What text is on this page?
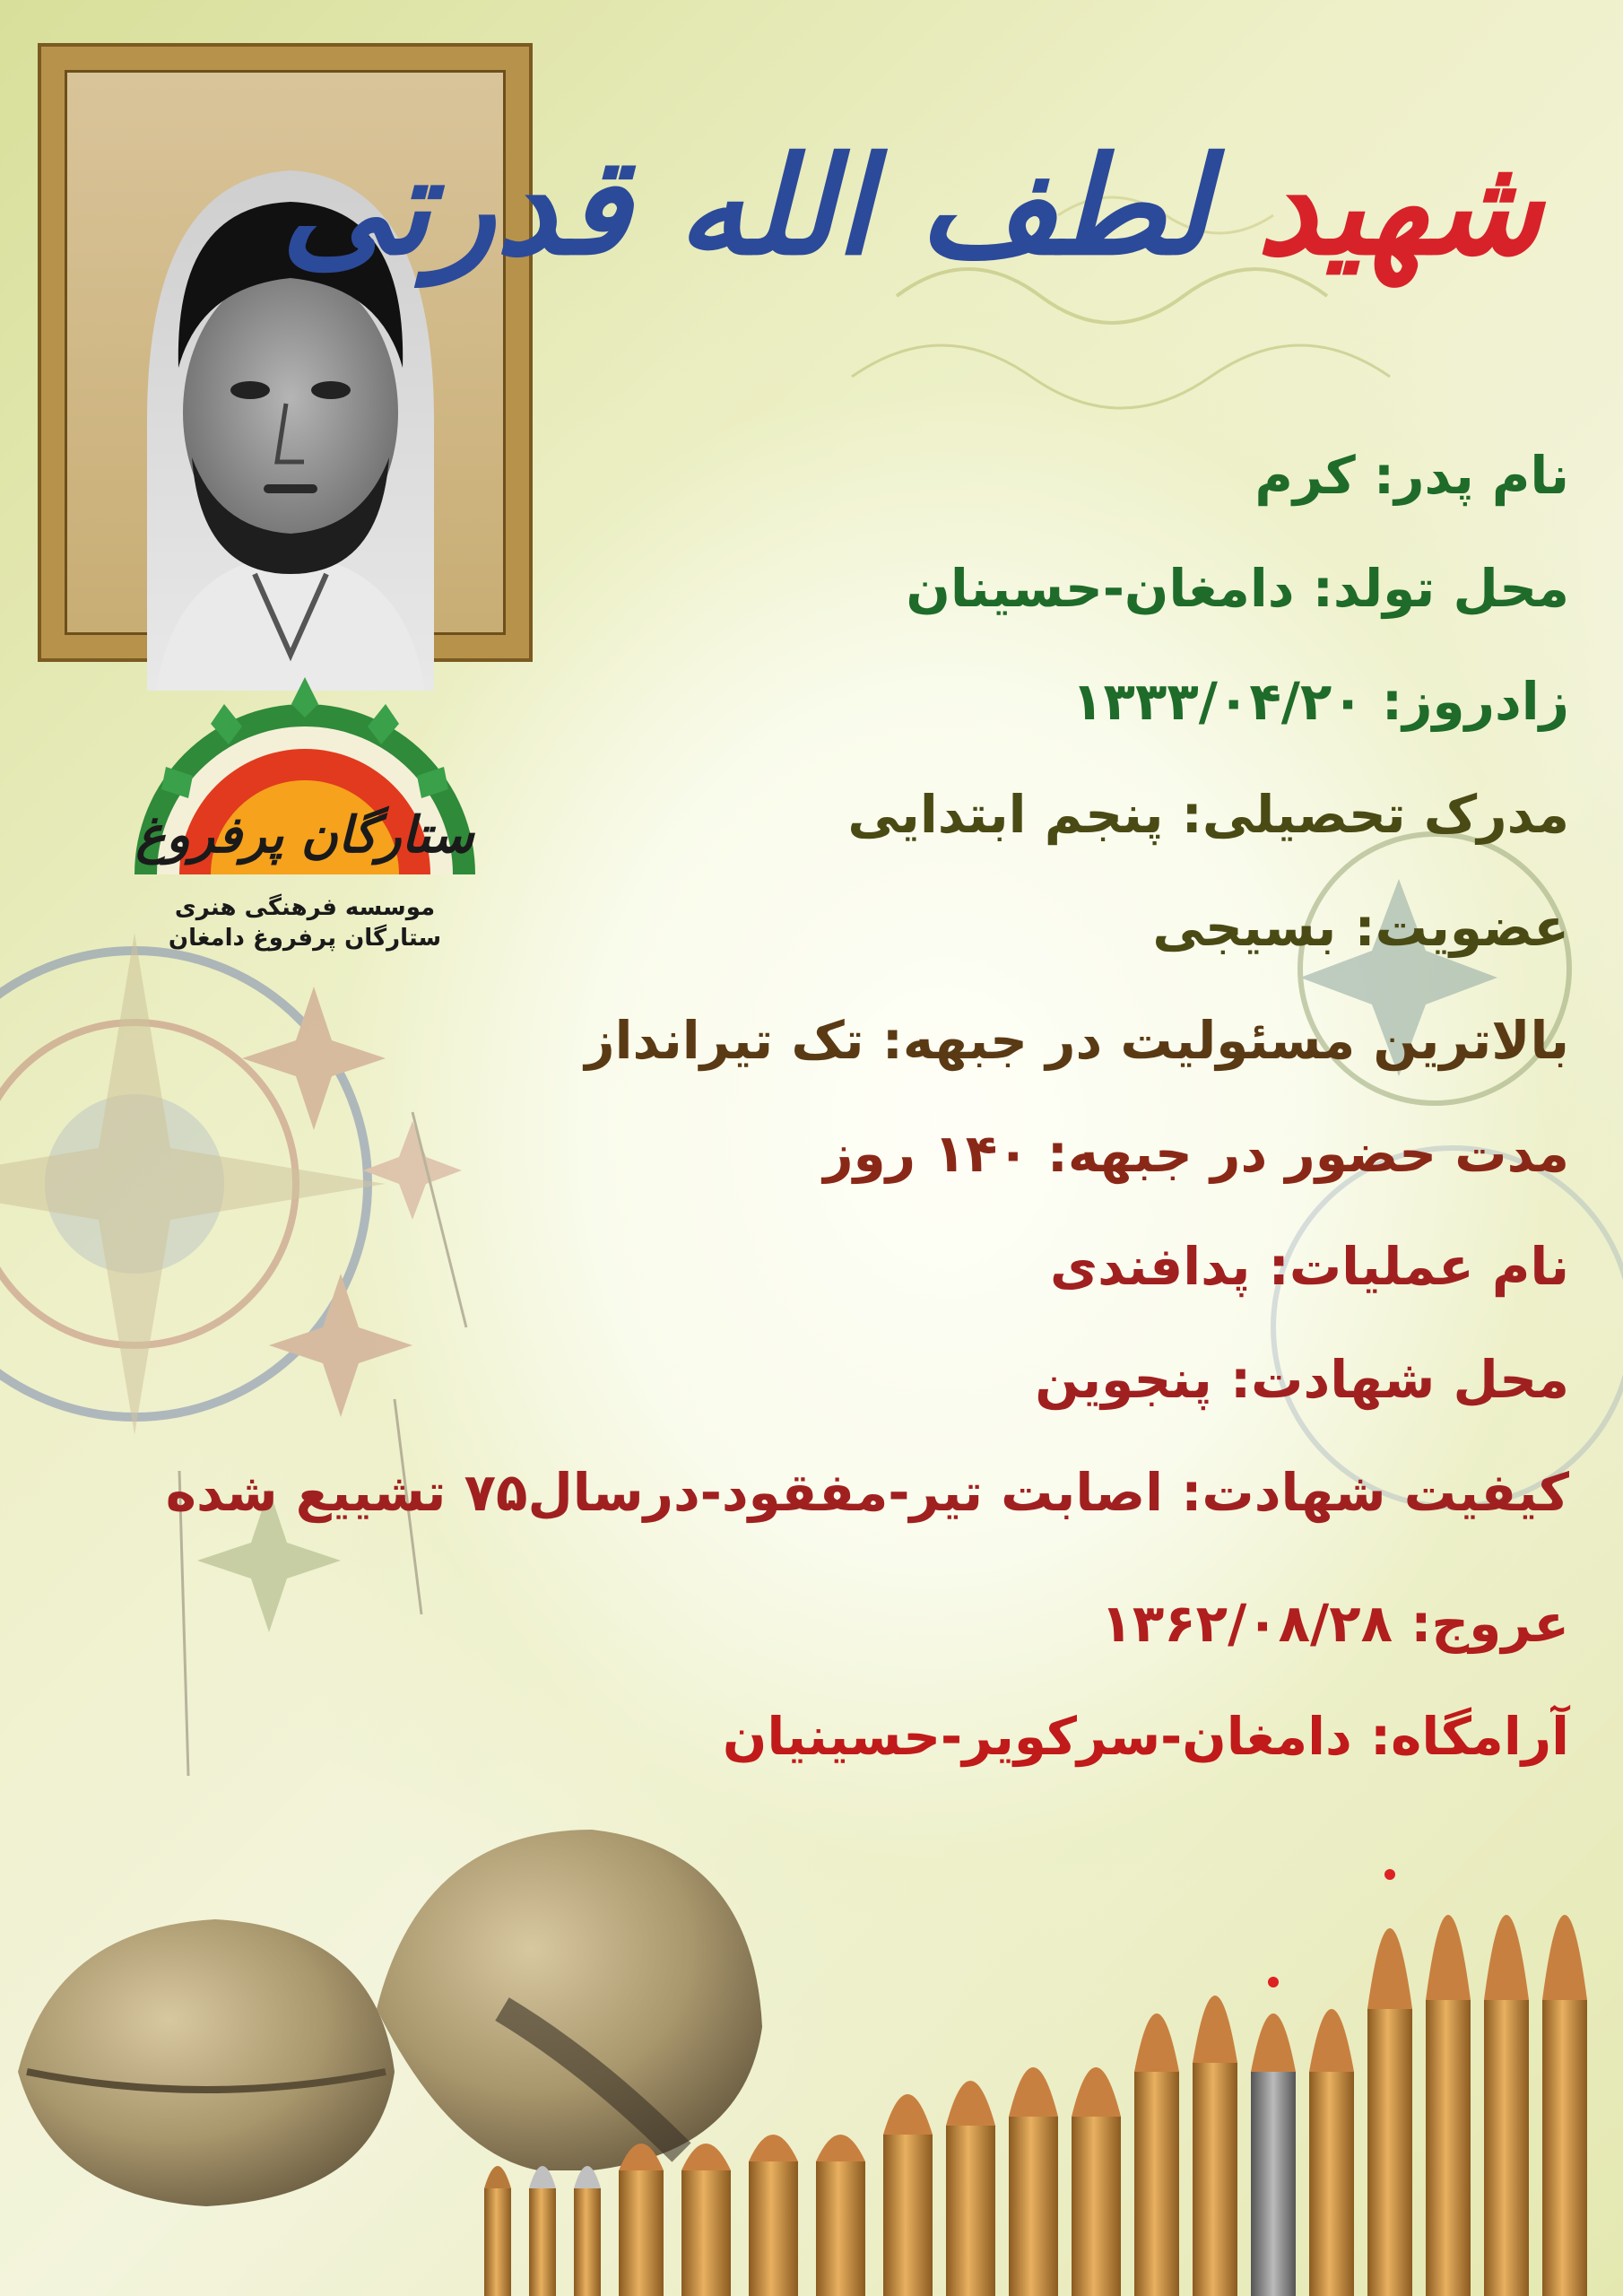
شهید لطف الله قدرتی
ستارگان پرفروغ
موسسه فرهنگی هنری
ستارگان پرفروغ دامغان
نام پدر: کرم
محل تولد: دامغان-حسینان
زادروز: ۱۳۳۳/۰۴/۲۰
مدرک تحصیلی: پنجم ابتدایی
عضویت: بسیجی
بالاترین مسئولیت در جبهه: تک تیرانداز
مدت حضور در جبهه: ۱۴۰ روز
نام عملیات: پدافندی
محل شهادت: پنجوین
کیفیت شهادت: اصابت تیر-مفقود-درسال۷۵ تشییع شده
عروج: ۱۳۶۲/۰۸/۲۸
آرامگاه: دامغان-سرکویر-حسینیان
